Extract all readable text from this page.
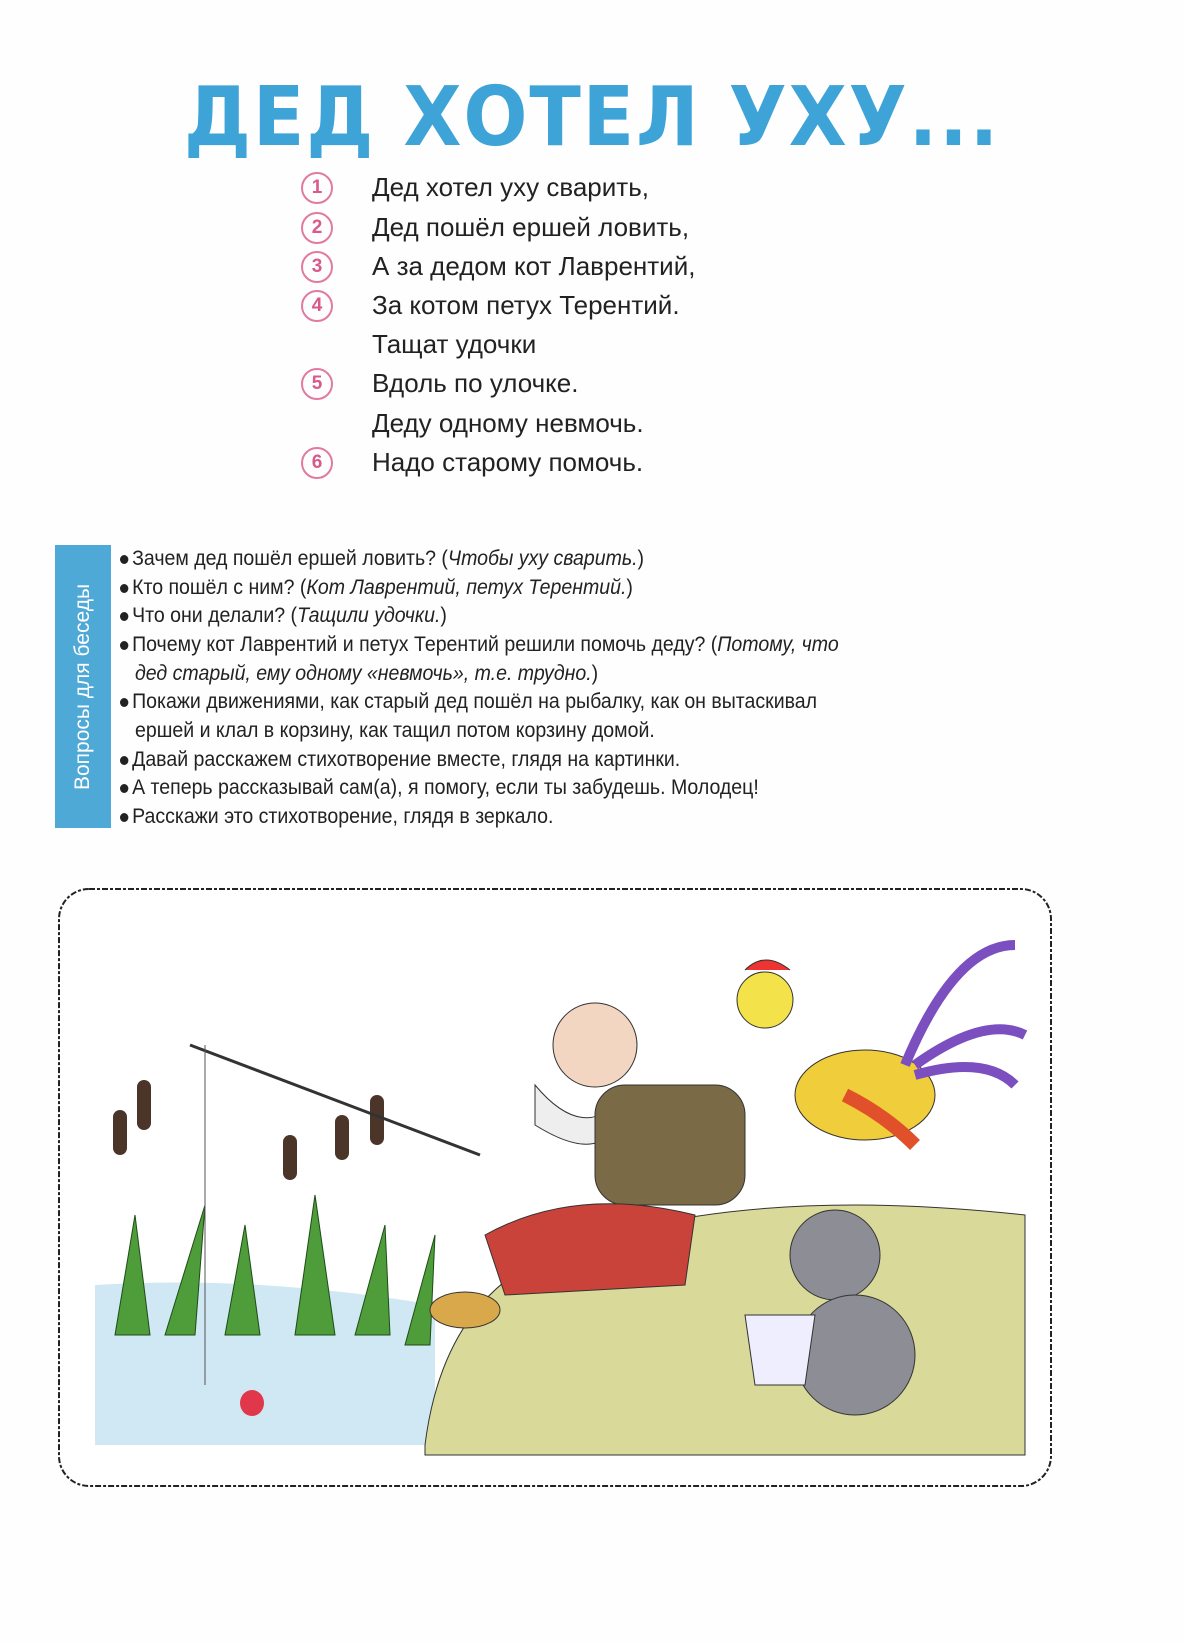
ДЕД ХОТЕЛ УХУ...
1	Дед хотел уху сварить,
2	Дед пошёл ершей ловить,
3	А за дедом кот Лаврентий,
4	За котом петух Терентий.
Тащат удочки
5	Вдоль по улочке.
Деду одному невмочь.
6	Надо старому помочь.
Вопросы для беседы
Зачем дед пошёл ершей ловить? (Чтобы уху сварить.)
Кто пошёл с ним? (Кот Лаврентий, петух Терентий.)
Что они делали? (Тащили удочки.)
Почему кот Лаврентий и петух Терентий решили помочь деду? (Потому, что
дед старый, ему одному «невмочь», т.е. трудно.)
Покажи движениями, как старый дед пошёл на рыбалку, как он вытаскивал
ершей и клал в корзину, как тащил потом корзину домой.
Давай расскажем стихотворение вместе, глядя на картинки.
А теперь рассказывай сам(а), я помогу, если ты забудешь. Молодец!
Расскажи это стихотворение, глядя в зеркало.
